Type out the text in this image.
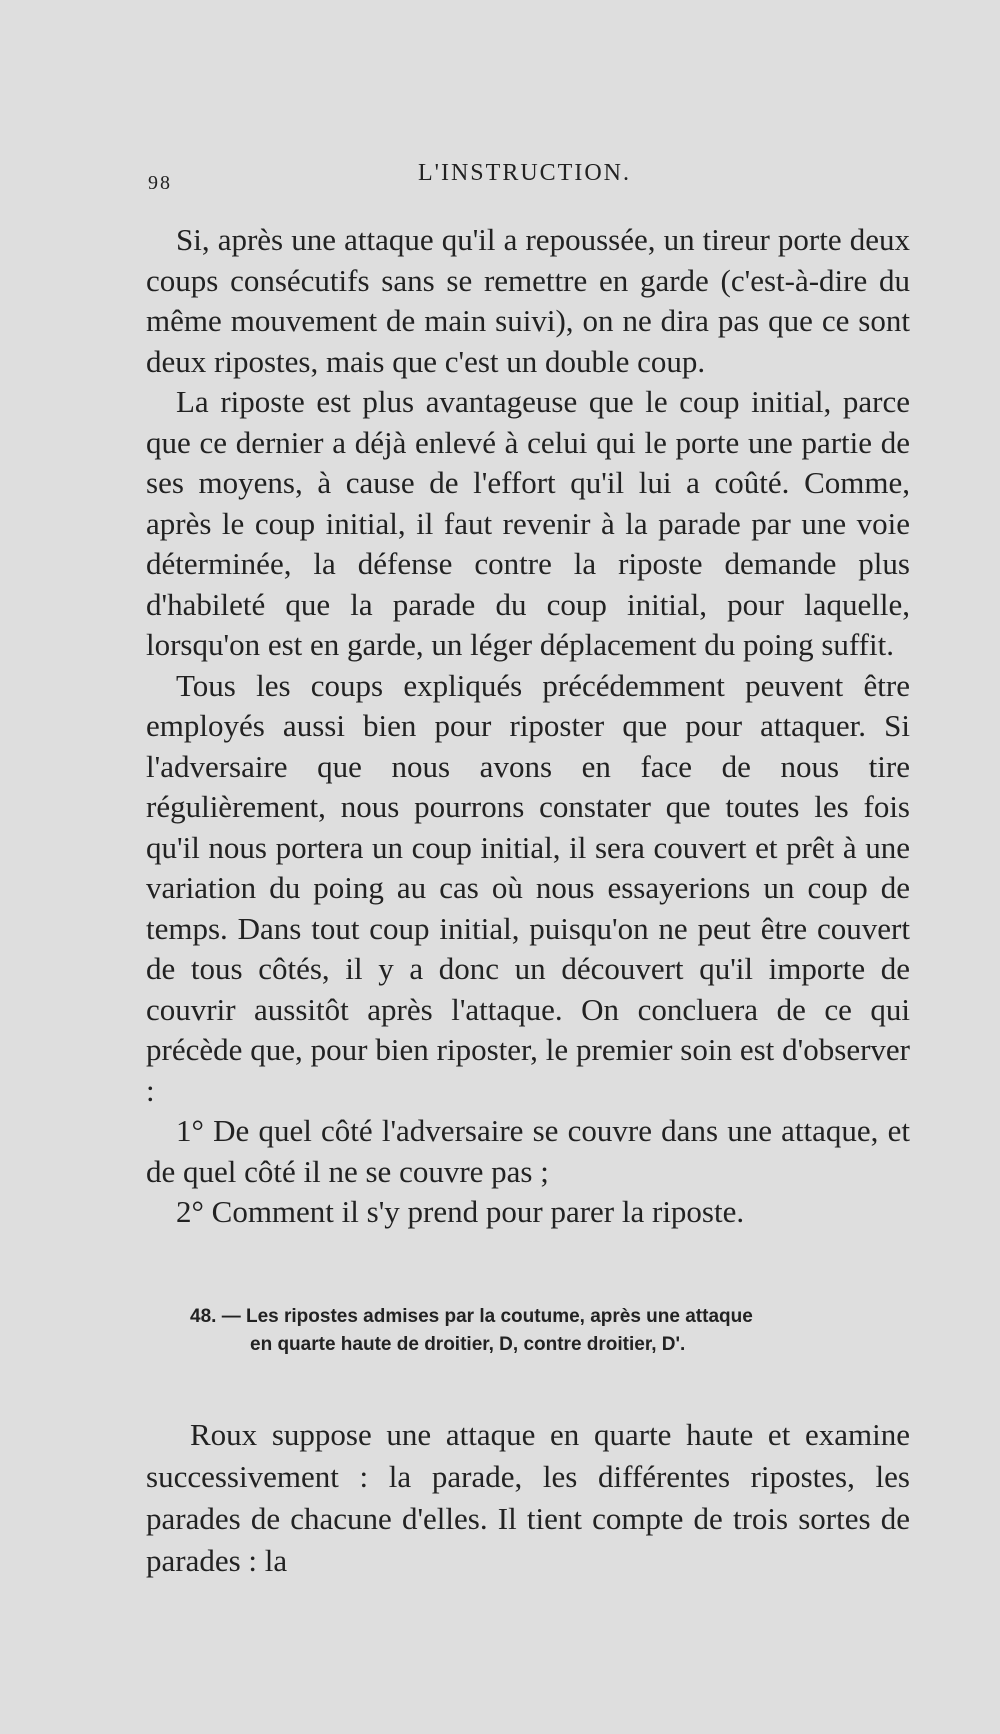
98	L'INSTRUCTION.

Si, après une attaque qu'il a repoussée, un tireur porte deux coups consécutifs sans se remettre en garde (c'est-à-dire du même mouvement de main suivi), on ne dira pas que ce sont deux ripostes, mais que c'est un double coup.

La riposte est plus avantageuse que le coup initial, parce que ce dernier a déjà enlevé à celui qui le porte une partie de ses moyens, à cause de l'effort qu'il lui a coûté. Comme, après le coup initial, il faut revenir à la parade par une voie déterminée, la défense contre la riposte demande plus d'habileté que la parade du coup initial, pour laquelle, lorsqu'on est en garde, un léger déplacement du poing suffit.

Tous les coups expliqués précédemment peuvent être employés aussi bien pour riposter que pour attaquer. Si l'adversaire que nous avons en face de nous tire régulièrement, nous pourrons constater que toutes les fois qu'il nous portera un coup initial, il sera couvert et prêt à une variation du poing au cas où nous essayerions un coup de temps. Dans tout coup initial, puisqu'on ne peut être couvert de tous côtés, il y a donc un découvert qu'il importe de couvrir aussitôt après l'attaque. On concluera de ce qui précède que, pour bien riposter, le premier soin est d'observer :

1° De quel côté l'adversaire se couvre dans une attaque, et de quel côté il ne se couvre pas ;
2° Comment il s'y prend pour parer la riposte.
48. — Les ripostes admises par la coutume, après une attaque
en quarte haute de droitier, D, contre droitier, D'.

Roux suppose une attaque en quarte haute et examine successivement : la parade, les différentes ripostes, les parades de chacune d'elles. Il tient compte de trois sortes de parades : la
